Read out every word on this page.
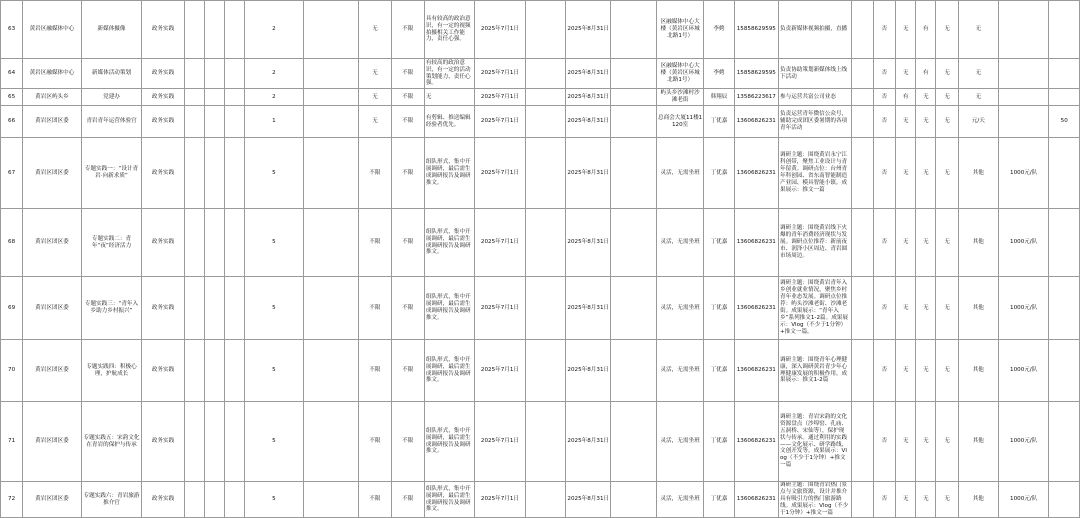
63	黄岩区融媒体中心	新媒体摄像	政务实践				2		无	不限	具有较高的政治意识，有一定的视频拍摄相关工作能力，责任心强。	2025年7月1日		2025年8月31日		区融媒体中心大楼（黄岩区环城北路1号）	李娉	15858629595	负责新媒体视频拍摄，直播		否	无	有	无	无		
64	黄岩区融媒体中心	新媒体活动策划	政务实践				2		无	不限	有较高的政治意识，有一定的活动策划能力，责任心强。	2025年7月1日		2025年8月31日		区融媒体中心大楼（黄岩区环城北路1号）	李娉	15858629595	负责协助策划新媒体线上线下活动		否	无	有	无	无		
65	黄岩区屿头乡	党建办	政务实践				2		无	不限	无	2025年7月1日		2025年8月31日		屿头乡沙滩村沙滩老街	韩翔辰	13586223617	参与运营共富公司业态		否	有	无	无	无		
66	黄岩区团区委	青岩青年运营体验官	政务实践				1		无	不限	有剪辑、推送编辑经验者优先。	2025年7月1日		2025年8月31日		总商会大厦11楼1120室	丁优嘉	13606826231	负责运营青年微信公众号，辅助完成团区委暑期的各项青年活动		否	无	无	无	元/天		50
67	黄岩区团区委	专题实践一：“设计青岩·向新求质”	政务实践				5		不限	不限	组队形式，集中开展调研，最后需生成调研报告及调研推文。	2025年7月1日		2025年8月31日		灵活，无需坐班	丁优嘉	13606826231	调研主题：围绕黄岩永宁江科创带，聚焦工业设计与青年留黄。调研点位：台州青年科创园、省东南智能制造产业园、模具智能小镇。成果展示：推文一篇		否	无	无	无	其他	1000元/队	
68	黄岩区团区委	专题实践二：青年“夜”经济活力	政务实践				5		不限	不限	组队形式，集中开展调研，最后需生成调研报告及调研推文。	2025年7月1日		2025年8月31日		灵活，无需坐班	丁优嘉	13606826231	调研主题：围绕黄岩线下火爆的青年消费经济现状与发展。调研点位推荐：新前夜市、润泽小区周边、青岩圆市场周边。		否	无	无	无	其他	1000元/队	
69	黄岩区团区委	专题实践三：“青年入乡助力乡村振兴”	政务实践				5		不限	不限	组队形式，集中开展调研，最后需生成调研报告及调研推文。	2025年7月1日		2025年8月31日		灵活，无需坐班	丁优嘉	13606826231	调研主题：围绕黄岩青年入乡创业就业情况，聚焦乡村青年业态发展。调研点位推荐：屿头沙滩老街、沙滩老街。成果展示：“青年入乡”系列推文1-2篇。成果展示：Vlog（不少于1分钟）+推文一篇。		否	无	无	无	其他	1000元/队	
70	黄岩区团区委	专题实践四：积极心理，护航成长	政务实践				5		不限	不限	组队形式，集中开展调研，最后需生成调研报告及调研推文。	2025年7月1日		2025年8月31日		灵活，无需坐班	丁优嘉	13606826231	调研主题：围绕青年心理健康，深入调研黄岩青少年心理健康发展的积极作用。成果展示：推文1-2篇		否	无	无	无	其他	1000元/队	
71	黄岩区团区委	专题实践五：宋韵文化在青岩的保护与传承	政务实践				5		不限	不限	组队形式，集中开展调研，最后需生成调研报告及调研推文。	2025年7月1日		2025年8月31日		灵活，无需坐班	丁优嘉	13606826231	调研主题：青岩宋韵的文化资源盘点（沙埠窑、孔庙、五洞桥、宋仙等），保护现状与传承。通过利用的实践——文化展示、研学路线、文创开发等。成果展示：Vlog（不少于1分钟）+推文一篇		否	无	无	无	其他	1000元/队	
72	黄岩区团区委	专题实践六：青岩旅游推介官	政务实践				5		不限	不限	组队形式，集中开展调研，最后需生成调研报告及调研推文。	2025年7月1日		2025年8月31日		灵活，无需坐班	丁优嘉	13606826231	调研主题：围绕青岩热门景点与文旅资源，设计并推介具有吸引力的热门旅游路线。成果展示：Vlog（不少于1分钟）+推文一篇		否	无	无	无	其他	1000元/队	
